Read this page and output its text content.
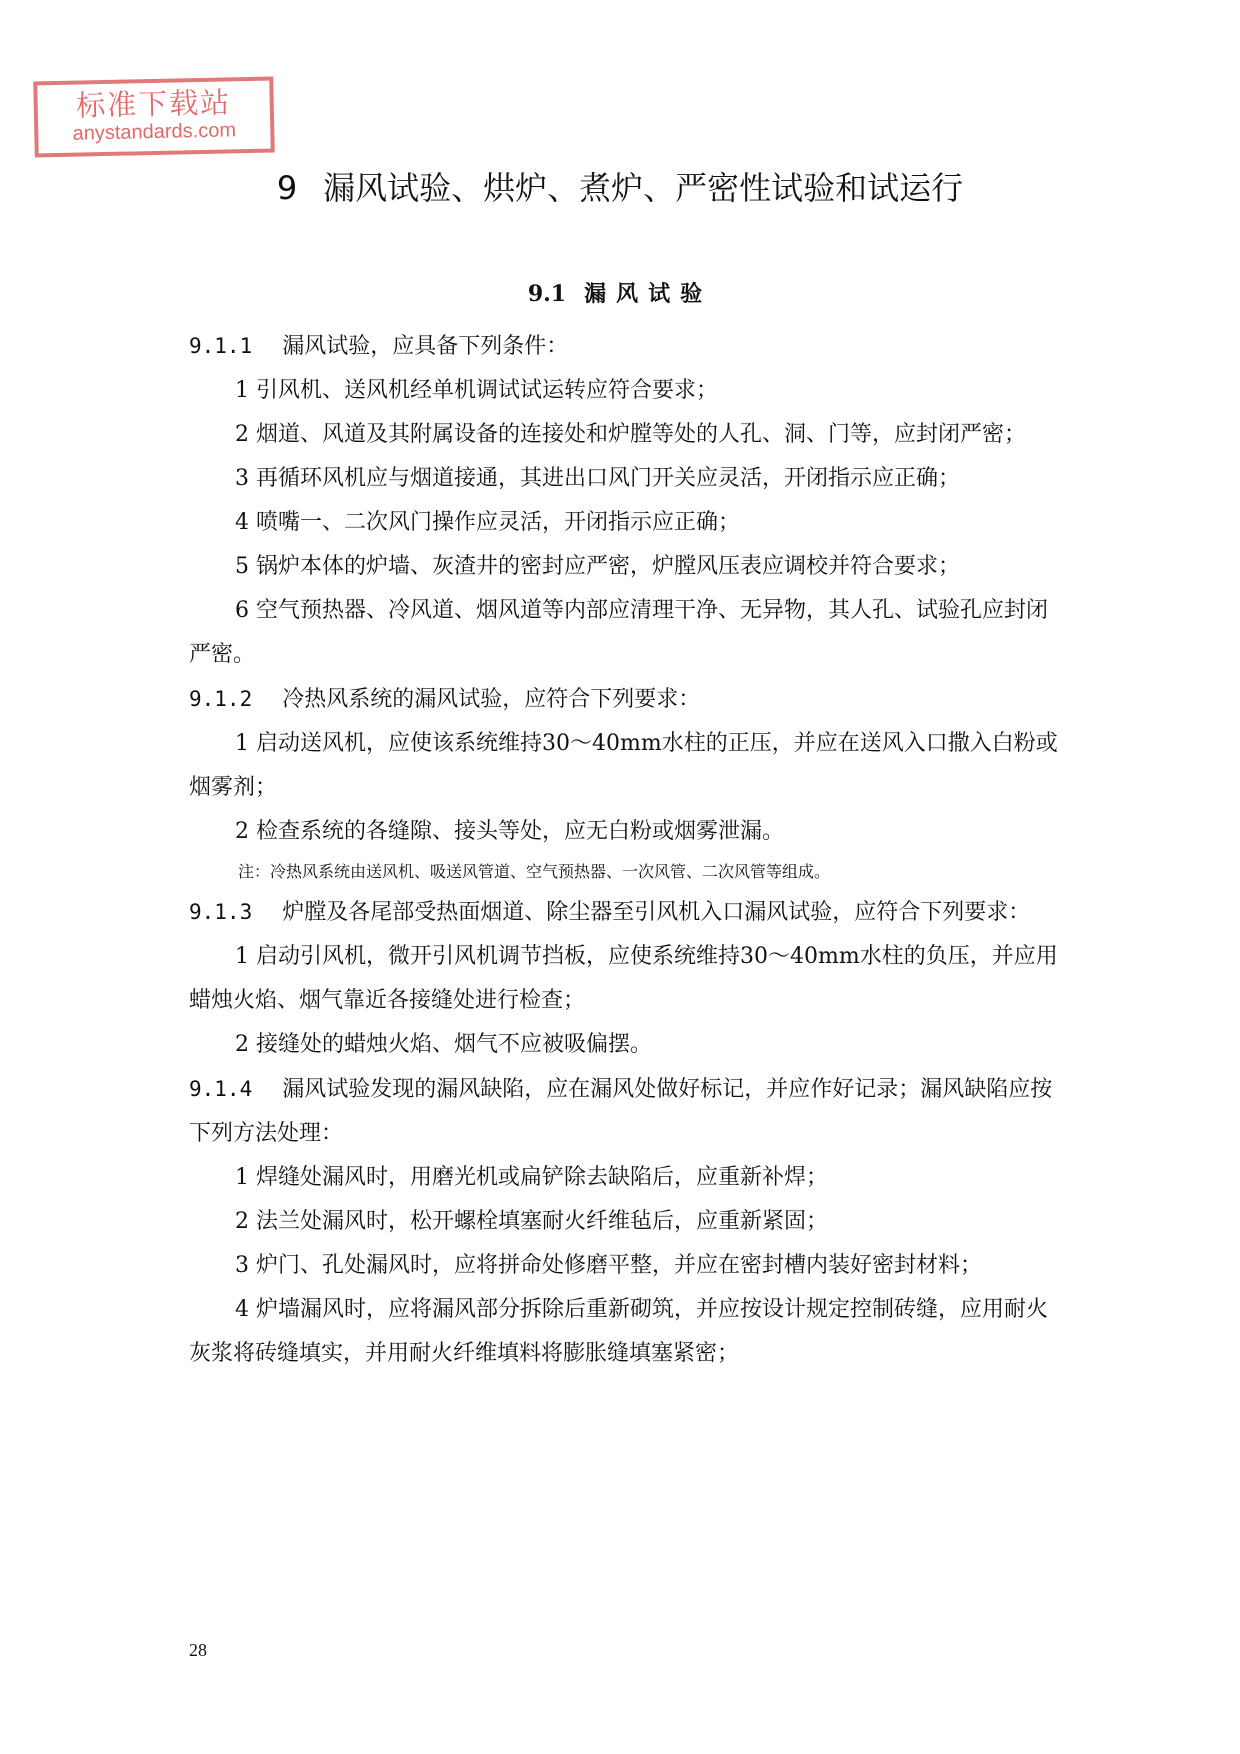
标准下载站
anystandards.com
9 漏风试验、烘炉、煮炉、严密性试验和试运行
9.1 漏风试验

9.1.1 漏风试验，应具备下列条件：

1 引风机、送风机经单机调试试运转应符合要求；

2 烟道、风道及其附属设备的连接处和炉膛等处的人孔、洞、门等，应封闭严密；

3 再循环风机应与烟道接通，其进出口风门开关应灵活，开闭指示应正确；

4 喷嘴一、二次风门操作应灵活，开闭指示应正确；

5 锅炉本体的炉墙、灰渣井的密封应严密，炉膛风压表应调校并符合要求；

6 空气预热器、冷风道、烟风道等内部应清理干净、无异物，其人孔、试验孔应封闭严密。

9.1.2 冷热风系统的漏风试验，应符合下列要求：

1 启动送风机，应使该系统维持30～40mm水柱的正压，并应在送风入口撒入白粉或烟雾剂；

2 检查系统的各缝隙、接头等处，应无白粉或烟雾泄漏。

注：冷热风系统由送风机、吸送风管道、空气预热器、一次风管、二次风管等组成。

9.1.3 炉膛及各尾部受热面烟道、除尘器至引风机入口漏风试验，应符合下列要求：

1 启动引风机，微开引风机调节挡板，应使系统维持30～40mm水柱的负压，并应用蜡烛火焰、烟气靠近各接缝处进行检查；

2 接缝处的蜡烛火焰、烟气不应被吸偏摆。

9.1.4 漏风试验发现的漏风缺陷，应在漏风处做好标记，并应作好记录；漏风缺陷应按下列方法处理：

1 焊缝处漏风时，用磨光机或扁铲除去缺陷后，应重新补焊；

2 法兰处漏风时，松开螺栓填塞耐火纤维毡后，应重新紧固；

3 炉门、孔处漏风时，应将拼命处修磨平整，并应在密封槽内装好密封材料；

4 炉墙漏风时，应将漏风部分拆除后重新砌筑，并应按设计规定控制砖缝，应用耐火灰浆将砖缝填实，并用耐火纤维填料将膨胀缝填塞紧密；

28
